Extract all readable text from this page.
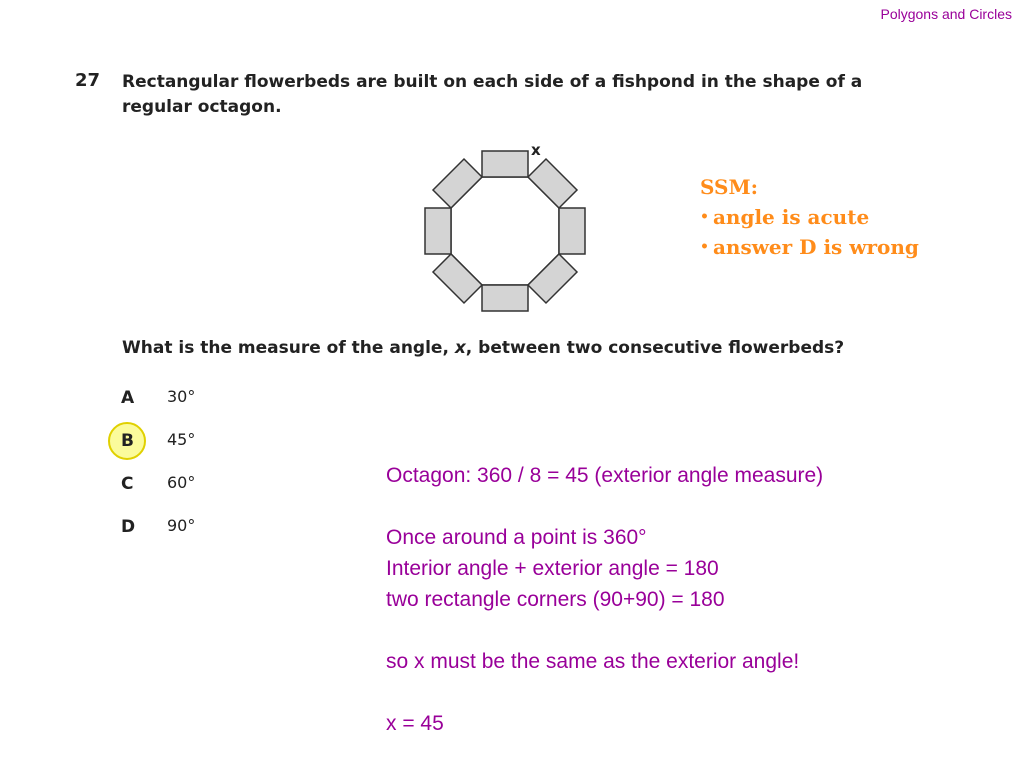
Polygons and Circles
27 Rectangular flowerbeds are built on each side of a fishpond in the shape of a regular octagon.
x
SSM:
• angle is acute
• answer D is wrong
What is the measure of the angle, x, between two consecutive flowerbeds?
A 30°
B 45°
C 60°
D 90°
Octagon: 360 / 8 = 45 (exterior angle measure)
Once around a point is 360°
Interior angle + exterior angle = 180
two rectangle corners (90+90) = 180
so x must be the same as the exterior angle!
x = 45
